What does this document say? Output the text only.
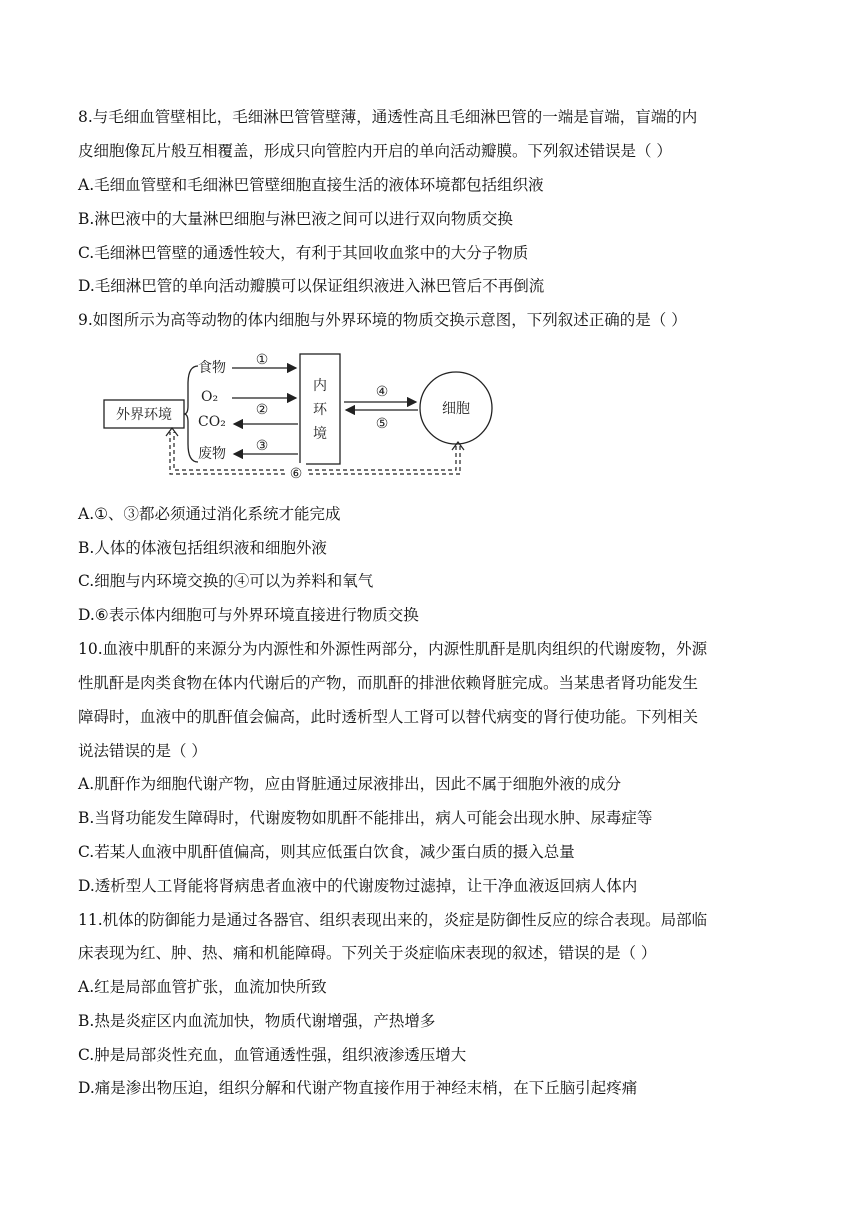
8.与毛细血管壁相比，毛细淋巴管管壁薄，通透性高且毛细淋巴管的一端是盲端，盲端的内
皮细胞像瓦片般互相覆盖，形成只向管腔内开启的单向活动瓣膜。下列叙述错误是（ ）
A.毛细血管壁和毛细淋巴管壁细胞直接生活的液体环境都包括组织液
B.淋巴液中的大量淋巴细胞与淋巴液之间可以进行双向物质交换
C.毛细淋巴管壁的通透性较大，有利于其回收血浆中的大分子物质
D.毛细淋巴管的单向活动瓣膜可以保证组织液进入淋巴管后不再倒流
9.如图所示为高等动物的体内细胞与外界环境的物质交换示意图，下列叙述正确的是（ ）
外界环境
食物
O₂
CO₂
废物
①
②
③
内
环
境
④
⑤
细胞
⑥
A.①、③都必须通过消化系统才能完成
B.人体的体液包括组织液和细胞外液
C.细胞与内环境交换的④可以为养料和氧气
D.⑥表示体内细胞可与外界环境直接进行物质交换
10.血液中肌酐的来源分为内源性和外源性两部分，内源性肌酐是肌肉组织的代谢废物，外源
性肌酐是肉类食物在体内代谢后的产物，而肌酐的排泄依赖肾脏完成。当某患者肾功能发生
障碍时，血液中的肌酐值会偏高，此时透析型人工肾可以替代病变的肾行使功能。下列相关
说法错误的是（ ）
A.肌酐作为细胞代谢产物，应由肾脏通过尿液排出，因此不属于细胞外液的成分
B.当肾功能发生障碍时，代谢废物如肌酐不能排出，病人可能会出现水肿、尿毒症等
C.若某人血液中肌酐值偏高，则其应低蛋白饮食，减少蛋白质的摄入总量
D.透析型人工肾能将肾病患者血液中的代谢废物过滤掉，让干净血液返回病人体内
11.机体的防御能力是通过各器官、组织表现出来的，炎症是防御性反应的综合表现。局部临
床表现为红、肿、热、痛和机能障碍。下列关于炎症临床表现的叙述，错误的是（ ）
A.红是局部血管扩张，血流加快所致
B.热是炎症区内血流加快，物质代谢增强，产热增多
C.肿是局部炎性充血，血管通透性强，组织液渗透压增大
D.痛是渗出物压迫，组织分解和代谢产物直接作用于神经末梢，在下丘脑引起疼痛
